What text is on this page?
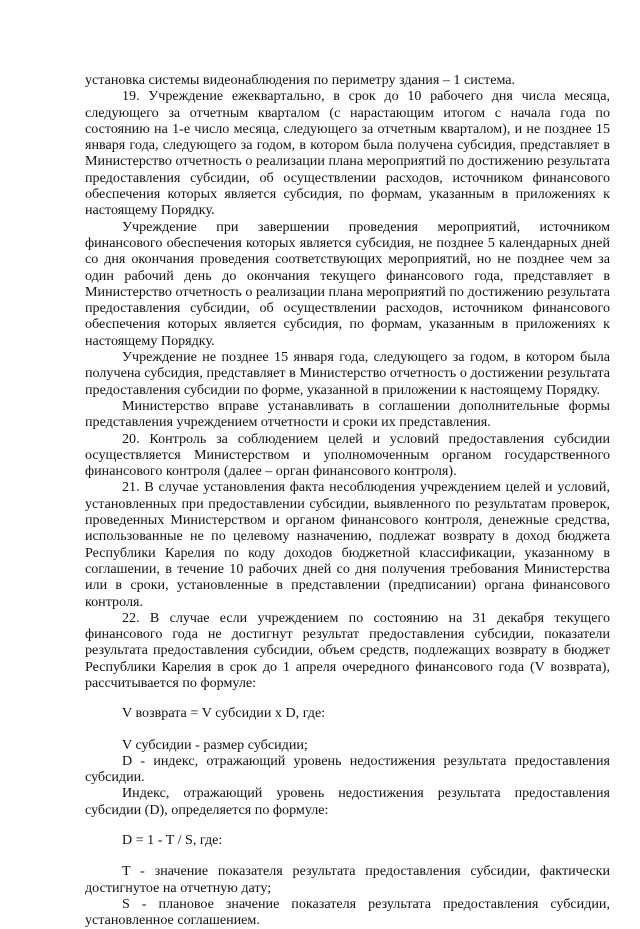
установка системы видеонаблюдения по периметру здания – 1 система.

19. Учреждение ежеквартально, в срок до 10 рабочего дня числа месяца, следующего за отчетным кварталом (с нарастающим итогом с начала года по состоянию на 1-е число месяца, следующего за отчетным кварталом), и не позднее 15 января года, следующего за годом, в котором была получена субсидия, представляет в Министерство отчетность о реализации плана мероприятий по достижению результата предоставления субсидии, об осуществлении расходов, источником финансового обеспечения которых является субсидия, по формам, указанным в приложениях к настоящему Порядку.

Учреждение при завершении проведения мероприятий, источником финансового обеспечения которых является субсидия, не позднее 5 календарных дней со дня окончания проведения соответствующих мероприятий, но не позднее чем за один рабочий день до окончания текущего финансового года, представляет в Министерство отчетность о реализации плана мероприятий по достижению результата предоставления субсидии, об осуществлении расходов, источником финансового обеспечения которых является субсидия, по формам, указанным в приложениях к настоящему Порядку.

Учреждение не позднее 15 января года, следующего за годом, в котором была получена субсидия, представляет в Министерство отчетность о достижении результата предоставления субсидии по форме, указанной в приложении к настоящему Порядку.

Министерство вправе устанавливать в соглашении дополнительные формы представления учреждением отчетности и сроки их представления.

20. Контроль за соблюдением целей и условий предоставления субсидии осуществляется Министерством и уполномоченным органом государственного финансового контроля (далее – орган финансового контроля).

21. В случае установления факта несоблюдения учреждением целей и условий, установленных при предоставлении субсидии, выявленного по результатам проверок, проведенных Министерством и органом финансового контроля, денежные средства, использованные не по целевому назначению, подлежат возврату в доход бюджета Республики Карелия по коду доходов бюджетной классификации, указанному в соглашении, в течение 10 рабочих дней со дня получения требования Министерства или в сроки, установленные в представлении (предписании) органа финансового контроля.

22. В случае если учреждением по состоянию на 31 декабря текущего финансового года не достигнут результат предоставления субсидии, показатели результата предоставления субсидии, объем средств, подлежащих возврату в бюджет Республики Карелия в срок до 1 апреля очередного финансового года (V возврата), рассчитывается по формуле:

V возврата = V субсидии x D, где:

V субсидии - размер субсидии;

D - индекс, отражающий уровень недостижения результата предоставления субсидии.

Индекс, отражающий уровень недостижения результата предоставления субсидии (D), определяется по формуле:

D = 1 - T / S, где:

T - значение показателя результата предоставления субсидии, фактически достигнутое на отчетную дату;

S - плановое значение показателя результата предоставления субсидии, установленное соглашением.
